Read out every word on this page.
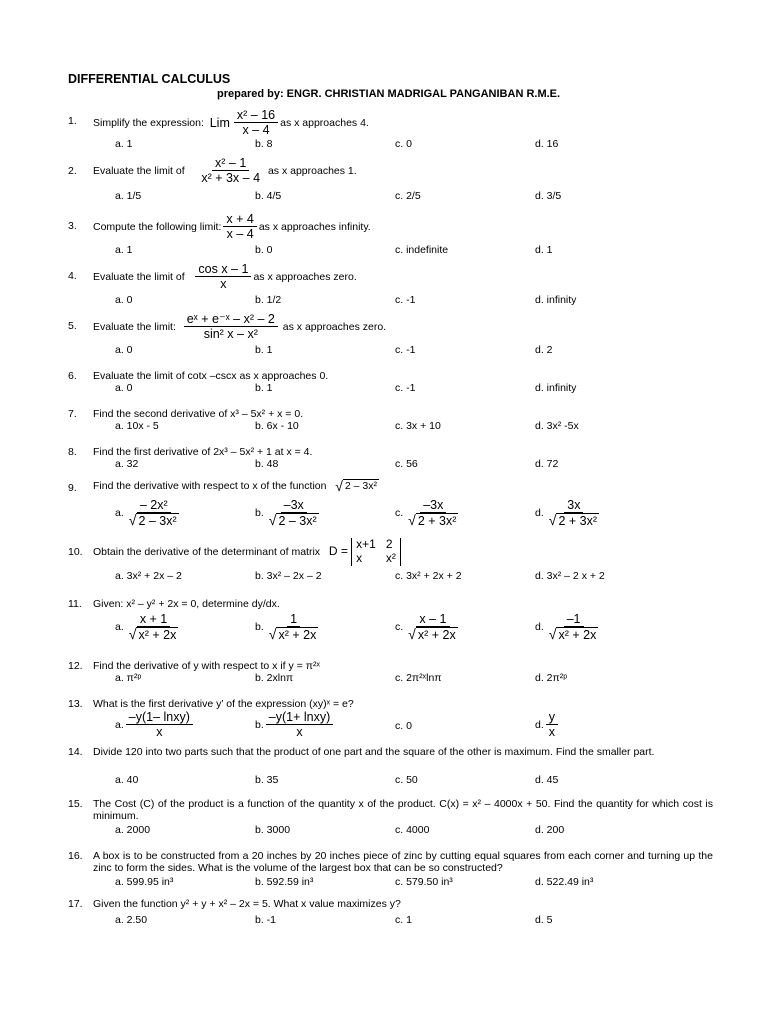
DIFFERENTIAL CALCULUS
prepared by: ENGR. CHRISTIAN MADRIGAL PANGANIBAN R.M.E.
1.	Simplify the expression:
Lim $\frac{\text{x² – 16}}{x - 4}$ as x approaches 4.
a. 1	b. 8	c. 0	d. 16
2.	Evaluate the limit of
$\frac{\text{x² – 1}}{\text{x² + 3x – 4}}$
as x approaches 1.
a. 1/5	b. 4/5	c. 2/5	d. 3/5
3.	Compute the following limit: $\frac{x + 4}{x - 4}$ as x approaches infinity.
a. 1	b. 0	c. indefinite	d. 1
4.	Evaluate the limit of
$\frac{\text{cos x – 1}}{x}$ as x approaches zero.
a. 0	b. 1/2	c. -1	d. infinity
5.	Evaluate the limit:
$\frac{\text{eˣ + e⁻ˣ – x² – 2}}{\text{sin² x – x²}}$
as x approaches zero.
a. 0	b. 1	c. -1	d. 2
6.	Evaluate the limit of cotx –cscx as x approaches 0.
a. 0	b. 1	c. -1	d. infinity
7.	Find the second derivative of x³ – 5x² + x = 0.
a. 10x - 5	b. 6x - 10	c. 3x + 10	d. 3x² -5x
8.	Find the first derivative of 2x³ – 5x² + 1 at x = 4.
a. 32	b. 48	c. 56	d. 72
9.	Find the derivative with respect to x of the function
√ 2 – 3x²
a. $\frac{\text{– 2x²}}{\text{√ 2 – 3x²}}$	b. $\frac{-3x}{\text{√ 2 – 3x²}}$	c. $\frac{-3x}{\text{√ 2 + 3x²}}$	d. $\frac{3x}{\text{√ 2 + 3x²}}$
10. Obtain the derivative of the determinant of matrix
D =
x+1 2
x	x²
a. 3x² + 2x – 2	b. 3x² – 2x – 2	c. 3x² + 2x + 2	d. 3x² – 2 x + 2
11.	Given: x² – y² + 2x = 0, determine dy/dx.
a. $\frac{x + 1}{\text{√ x² + 2x}}$	b. $\frac{1}{\text{√ x² + 2x}}$	c. $\frac{x - 1}{\text{√ x² + 2x}}$	d. $\frac{-1}{\text{√ x² + 2x}}$
12. Find the derivative of y with respect to x if y = π²ˣ
a. π²ᵖ	b. 2xlnπ	c. 2π²ˣlnπ	d. 2π²ᵖ
13. What is the first derivative y’ of the expression (xy)ˣ = e?
a. $\frac{\text{–y(1– lnxy)}}{x}$	b. $\frac{\text{–y(1+ lnxy)}}{x}$	c. 0	d. $\frac{y}{x}$
14. Divide 120 into two parts such that the product of one part and the square of the other is maximum. Find the smaller part.
a. 40	b. 35	c. 50	d. 45
15. The Cost (C) of the product is a function of the quantity x of the product. C(x) = x² – 4000x + 50. Find the quantity for which cost is minimum.
a. 2000	b. 3000	c. 4000	d. 200
16. A box is to be constructed from a 20 inches by 20 inches piece of zinc by cutting equal squares from each corner and turning up the zinc to form the sides. What is the volume of the largest box that can be so constructed?
a. 599.95 in³	b. 592.59 in³	c. 579.50 in³	d. 522.49 in³
17. Given the function y² + y + x² – 2x = 5. What x value maximizes y?
a. 2.50	b. -1	c. 1	d. 5
